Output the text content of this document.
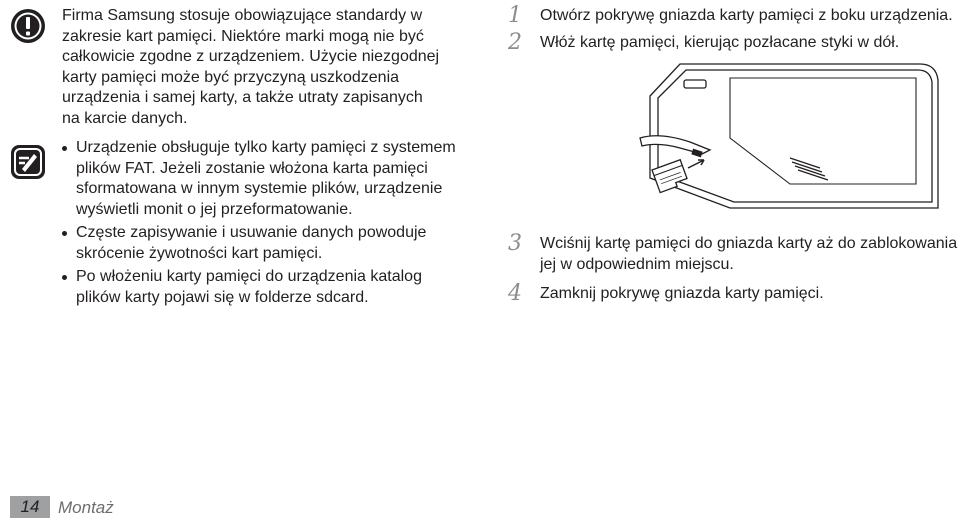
Firma Samsung stosuje obowiązujące standardy w zakresie kart pamięci. Niektóre marki mogą nie być całkowicie zgodne z urządzeniem. Użycie niezgodnej karty pamięci może być przyczyną uszkodzenia urządzenia i samej karty, a także utraty zapisanych na karcie danych.

Urządzenie obsługuje tylko karty pamięci z systemem plików FAT. Jeżeli zostanie włożona karta pamięci sformatowana w innym systemie plików, urządzenie wyświetli monit o jej przeformatowanie.
Częste zapisywanie i usuwanie danych powoduje skrócenie żywotności kart pamięci.
Po włożeniu karty pamięci do urządzenia katalog plików karty pojawi się w folderze sdcard.
1	Otwórz pokrywę gniazda karty pamięci z boku urządzenia.
2	Włóż kartę pamięci, kierując pozłacane styki w dół.
3	Wciśnij kartę pamięci do gniazda karty aż do zablokowania jej w odpowiednim miejscu.
4	Zamknij pokrywę gniazda karty pamięci.
14	Montaż
